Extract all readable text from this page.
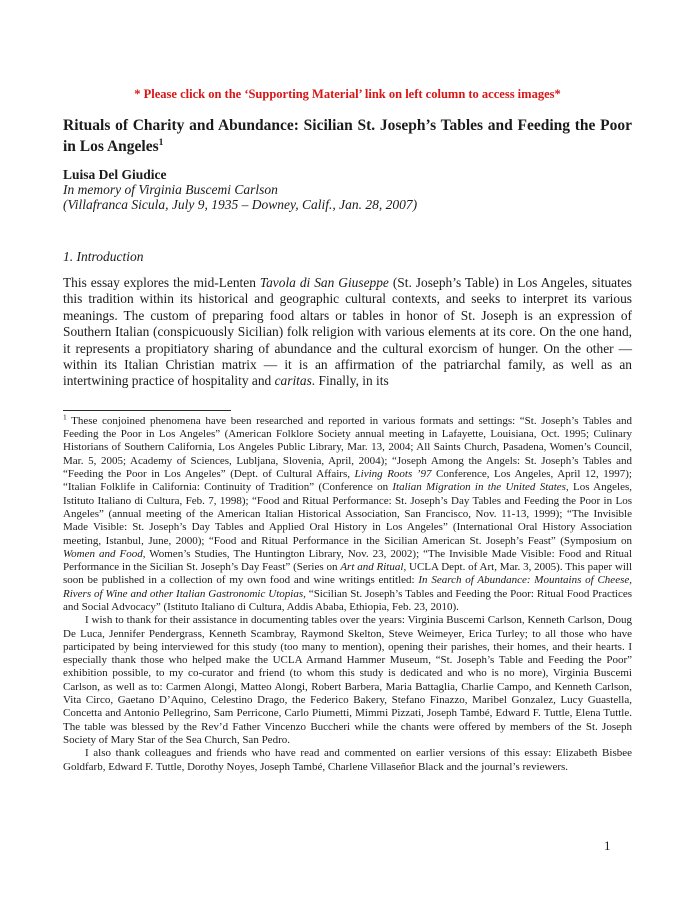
* Please click on the ‘Supporting Material’ link on left column to access images*
Rituals of Charity and Abundance: Sicilian St. Joseph’s Tables and Feeding the Poor in Los Angeles$^1$
Luisa Del Giudice
In memory of Virginia Buscemi Carlson
(Villafranca Sicula, July 9, 1935 – Downey, Calif., Jan. 28, 2007)
1. Introduction

This essay explores the mid-Lenten Tavola di San Giuseppe (St. Joseph’s Table) in Los Angeles, situates this tradition within its historical and geographic cultural contexts, and seeks to interpret its various meanings. The custom of preparing food altars or tables in honor of St. Joseph is an expression of Southern Italian (conspicuously Sicilian) folk religion with various elements at its core. On the one hand, it represents a propitiatory sharing of abundance and the cultural exorcism of hunger. On the other — within its Italian Christian matrix — it is an affirmation of the patriarchal family, as well as an intertwining practice of hospitality and caritas. Finally, in its

$^1$ These conjoined phenomena have been researched and reported in various formats and settings: “St. Joseph’s Tables and Feeding the Poor in Los Angeles” (American Folklore Society annual meeting in Lafayette, Louisiana, Oct. 1995; Culinary Historians of Southern California, Los Angeles Public Library, Mar. 13, 2004; All Saints Church, Pasadena, Women’s Council, Mar. 5, 2005; Academy of Sciences, Lubljana, Slovenia, April, 2004); “Joseph Among the Angels: St. Joseph’s Tables and “Feeding the Poor in Los Angeles” (Dept. of Cultural Affairs, Living Roots ’97 Conference, Los Angeles, April 12, 1997); “Italian Folklife in California: Continuity of Tradition” (Conference on Italian Migration in the United States, Los Angeles, Istituto Italiano di Cultura, Feb. 7, 1998); “Food and Ritual Performance: St. Joseph’s Day Tables and Feeding the Poor in Los Angeles” (annual meeting of the American Italian Historical Association, San Francisco, Nov. 11-13, 1999); “The Invisible Made Visible: St. Joseph’s Day Tables and Applied Oral History in Los Angeles” (International Oral History Association meeting, Istanbul, June, 2000); “Food and Ritual Performance in the Sicilian American St. Joseph’s Feast” (Symposium on Women and Food, Women’s Studies, The Huntington Library, Nov. 23, 2002); “The Invisible Made Visible: Food and Ritual Performance in the Sicilian St. Joseph’s Day Feast” (Series on Art and Ritual, UCLA Dept. of Art, Mar. 3, 2005). This paper will soon be published in a collection of my own food and wine writings entitled: In Search of Abundance: Mountains of Cheese, Rivers of Wine and other Italian Gastronomic Utopias, “Sicilian St. Joseph’s Tables and Feeding the Poor: Ritual Food Practices and Social Advocacy” (Istituto Italiano di Cultura, Addis Ababa, Ethiopia, Feb. 23, 2010).

I wish to thank for their assistance in documenting tables over the years: Virginia Buscemi Carlson, Kenneth Carlson, Doug De Luca, Jennifer Pendergrass, Kenneth Scambray, Raymond Skelton, Steve Weimeyer, Erica Turley; to all those who have participated by being interviewed for this study (too many to mention), opening their parishes, their homes, and their hearts. I especially thank those who helped make the UCLA Armand Hammer Museum, “St. Joseph’s Table and Feeding the Poor” exhibition possible, to my co-curator and friend (to whom this study is dedicated and who is no more), Virginia Buscemi Carlson, as well as to: Carmen Alongi, Matteo Alongi, Robert Barbera, Maria Battaglia, Charlie Campo, and Kenneth Carlson, Vita Circo, Gaetano D’Aquino, Celestino Drago, the Federico Bakery, Stefano Finazzo, Maribel Gonzalez, Lucy Guastella, Concetta and Antonio Pellegrino, Sam Perricone, Carlo Piumetti, Mimmi Pizzati, Joseph També, Edward F. Tuttle, Elena Tuttle. The table was blessed by the Rev’d Father Vincenzo Buccheri while the chants were offered by members of the St. Joseph Society of Mary Star of the Sea Church, San Pedro.

I also thank colleagues and friends who have read and commented on earlier versions of this essay: Elizabeth Bisbee Goldfarb, Edward F. Tuttle, Dorothy Noyes, Joseph També, Charlene Villaseñor Black and the journal’s reviewers.

1
